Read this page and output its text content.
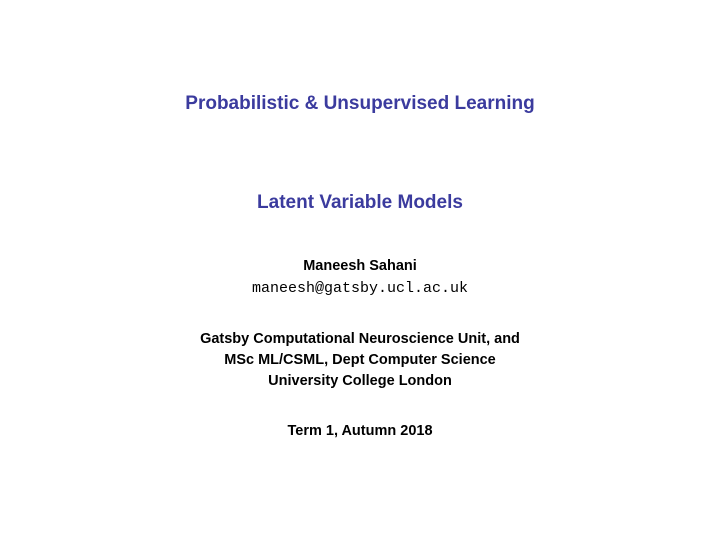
Probabilistic & Unsupervised Learning
Latent Variable Models
Maneesh Sahani
maneesh@gatsby.ucl.ac.uk
Gatsby Computational Neuroscience Unit, and
MSc ML/CSML, Dept Computer Science
University College London
Term 1, Autumn 2018
